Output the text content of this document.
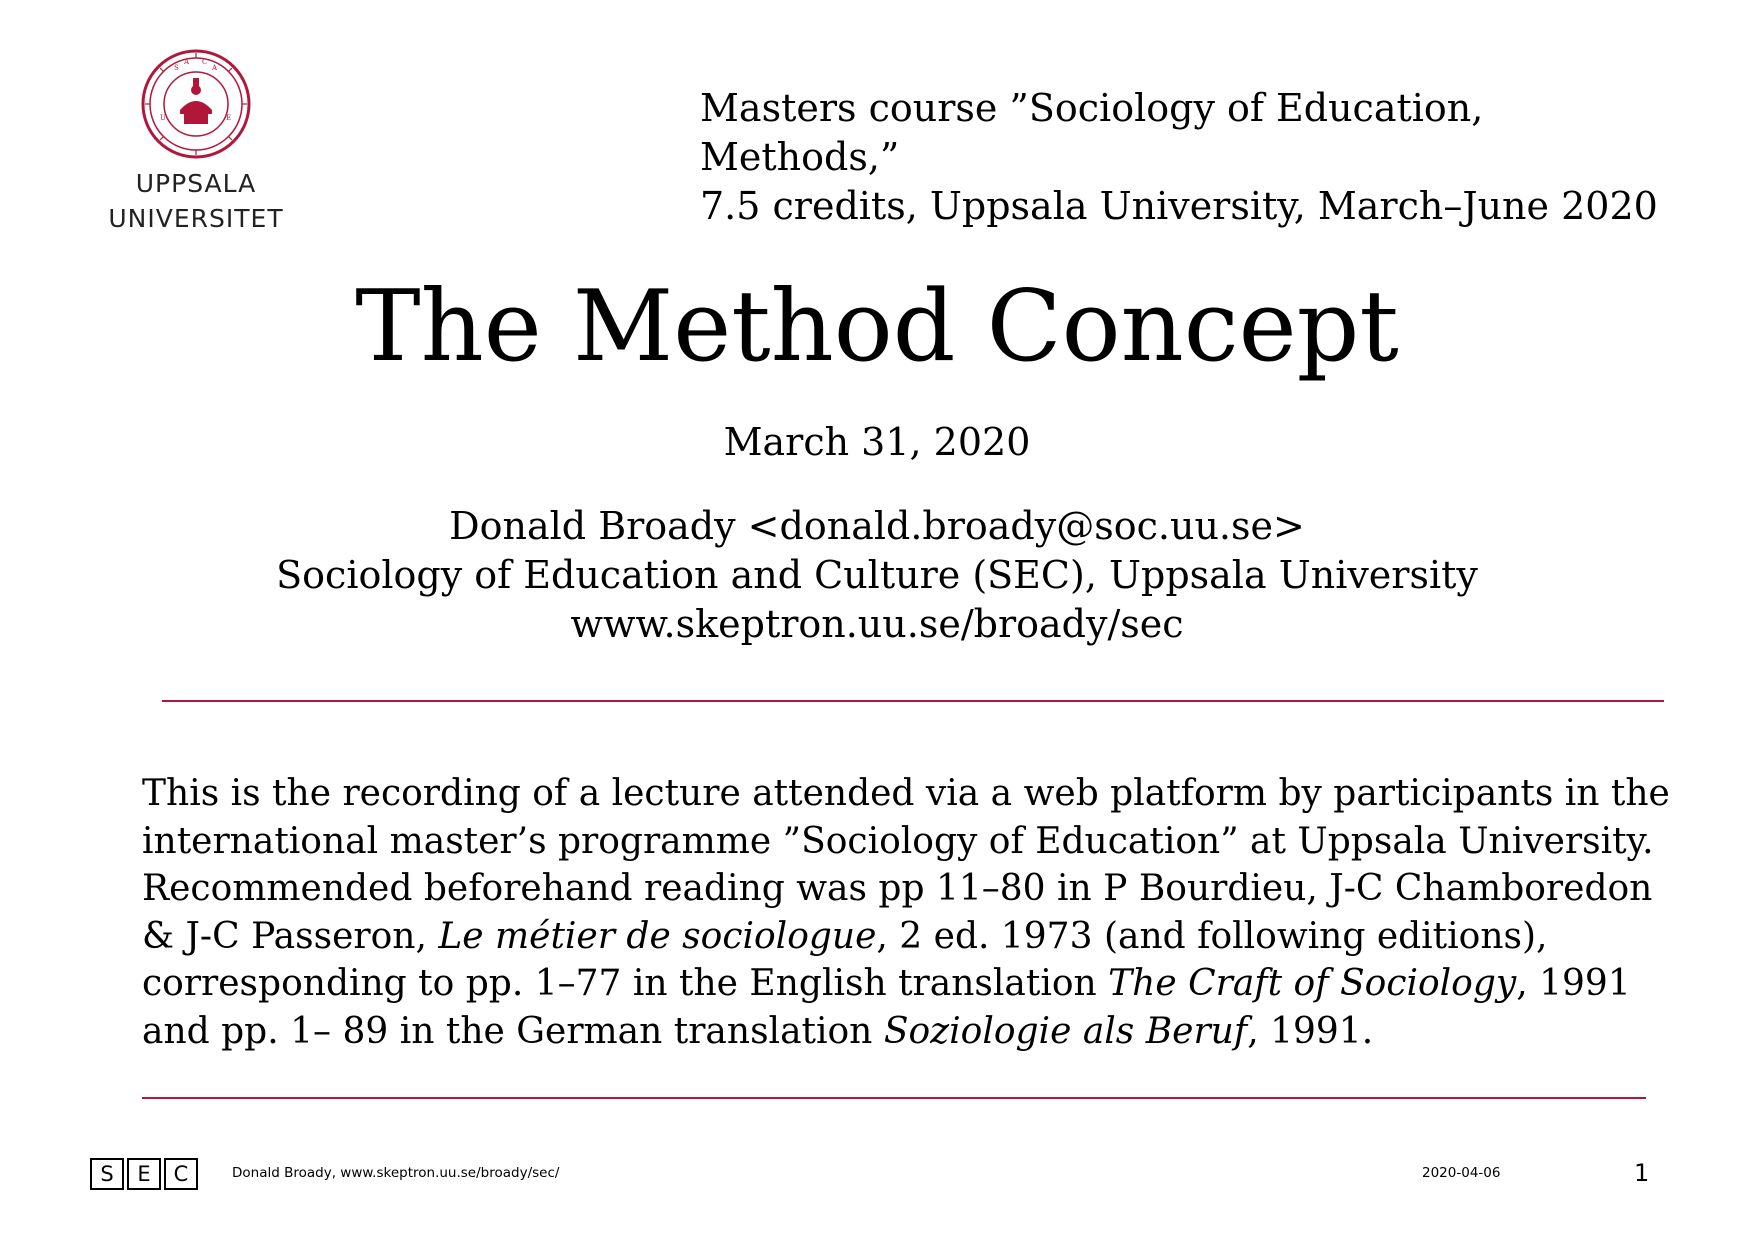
S
A C
A
U	E
UPPSALA
UNIVERSITET
Masters course ”Sociology of Education, Methods,”
7.5 credits, Uppsala University, March–June 2020
The Method Concept
March 31, 2020
Donald Broady <donald.broady@soc.uu.se>
Sociology of Education and Culture (SEC), Uppsala University
www.skeptron.uu.se/broady/sec
This is the recording of a lecture attended via a web platform by participants in the international master’s programme ”Sociology of Education” at Uppsala University. Recommended beforehand reading was pp 11–80 in P Bourdieu, J-C Chamboredon & J-C Passeron, Le métier de sociologue, 2 ed. 1973 (and following editions), corresponding to pp. 1–77 in the English translation The Craft of Sociology, 1991 and pp. 1– 89 in the German translation Soziologie als Beruf, 1991.
S	E	C	Donald Broady, www.skeptron.uu.se/broady/sec/	2020-04-06	1
